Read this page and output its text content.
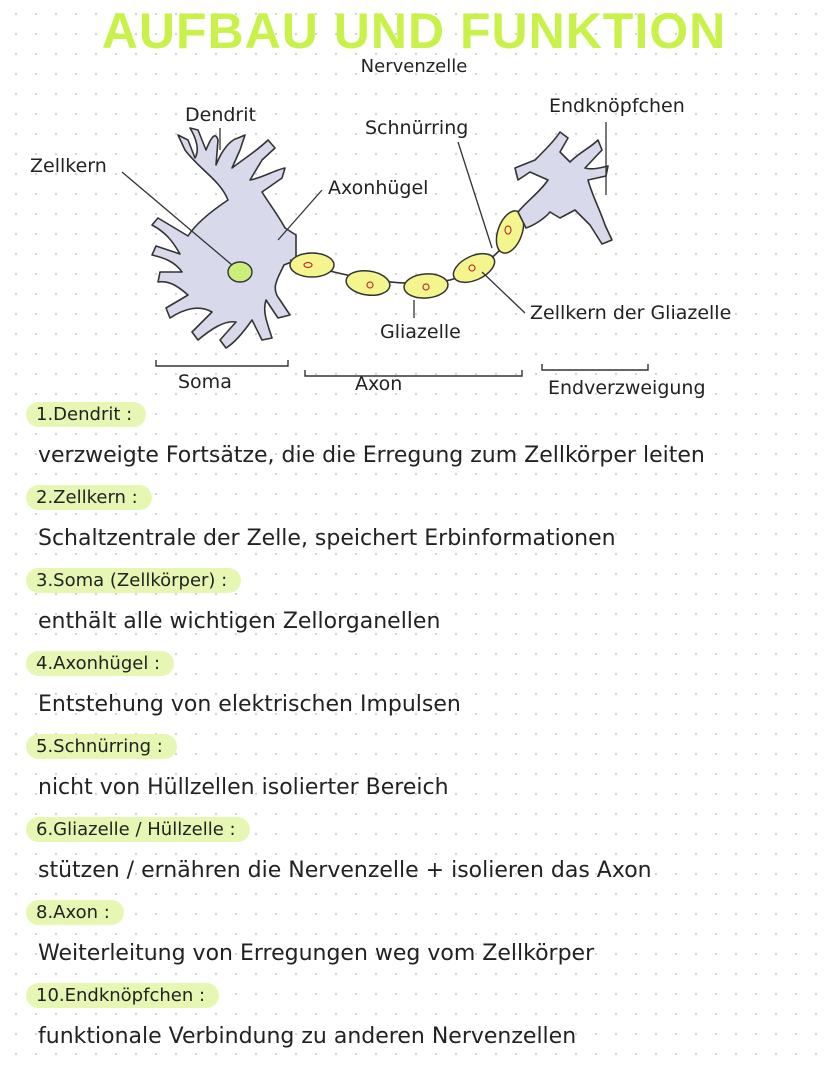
AUFBAU UND FUNKTION
Nervenzelle
Dendrit
Zellkern
Schnürring
Axonhügel
Endknöpfchen
Gliazelle
Zellkern der Gliazelle
Soma	Axon	Endverzweigung
1.Dendrit :
verzweigte Fortsätze, die die Erregung zum Zellkörper leiten
2.Zellkern :
Schaltzentrale der Zelle, speichert Erbinformationen
3.Soma (Zellkörper) :
enthält alle wichtigen Zellorganellen
4.Axonhügel :
Entstehung von elektrischen Impulsen
5.Schnürring :
nicht von Hüllzellen isolierter Bereich
6.Gliazelle / Hüllzelle :
stützen / ernähren die Nervenzelle + isolieren das Axon
8.Axon :
Weiterleitung von Erregungen weg vom Zellkörper
10.Endknöpfchen :
funktionale Verbindung zu anderen Nervenzellen
